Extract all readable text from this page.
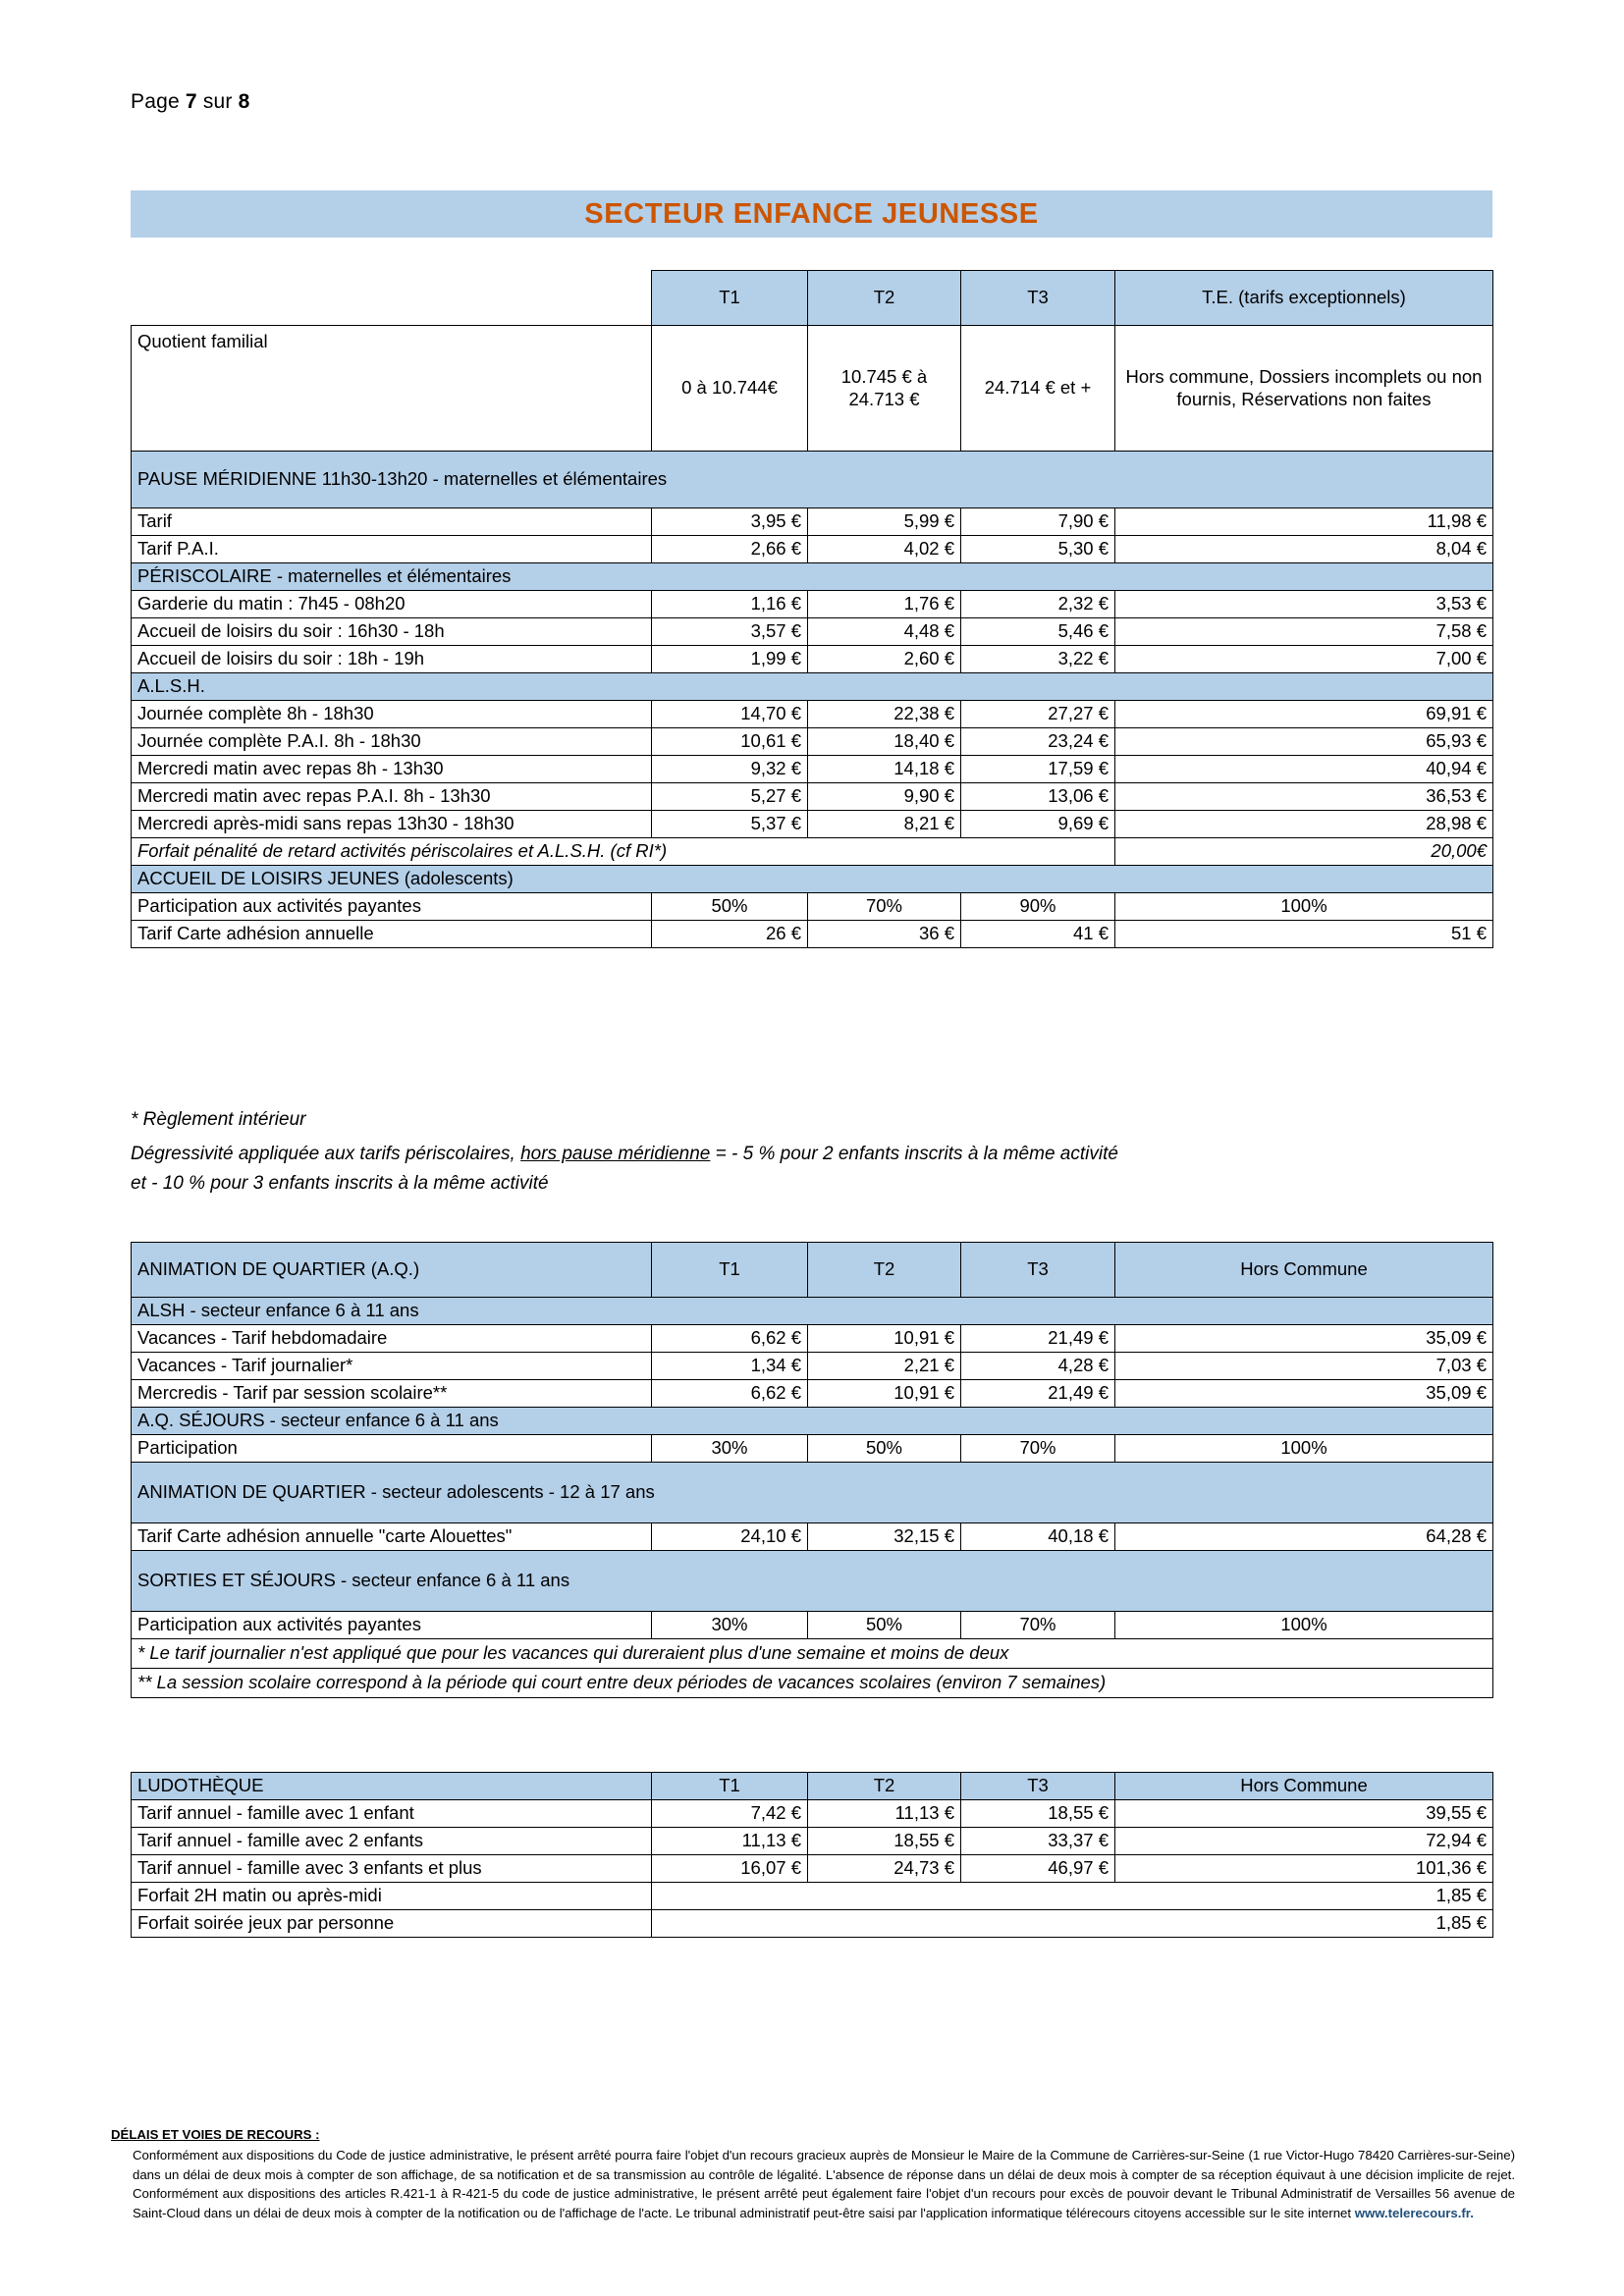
Page 7 sur 8
SECTEUR ENFANCE JEUNESSE
	T1	T2	T3	T.E. (tarifs exceptionnels)
Quotient familial	0 à 10.744€	10.745 € à 24.713 €	24.714 € et +	Hors commune, Dossiers incomplets ou non fournis, Réservations non faites
PAUSE MÉRIDIENNE 11h30-13h20 - maternelles et élémentaires				
Tarif	3,95 €	5,99 €	7,90 €	11,98 €
Tarif P.A.I.	2,66 €	4,02 €	5,30 €	8,04 €
PÉRISCOLAIRE - maternelles et élémentaires				
Garderie du matin : 7h45 - 08h20	1,16 €	1,76 €	2,32 €	3,53 €
Accueil de loisirs du soir : 16h30 - 18h	3,57 €	4,48 €	5,46 €	7,58 €
Accueil de loisirs du soir : 18h - 19h	1,99 €	2,60 €	3,22 €	7,00 €
A.L.S.H.				
Journée complète 8h - 18h30	14,70 €	22,38 €	27,27 €	69,91 €
Journée complète P.A.I. 8h - 18h30	10,61 €	18,40 €	23,24 €	65,93 €
Mercredi matin avec repas 8h - 13h30	9,32 €	14,18 €	17,59 €	40,94 €
Mercredi matin avec repas P.A.I. 8h - 13h30	5,27 €	9,90 €	13,06 €	36,53 €
Mercredi après-midi sans repas 13h30 - 18h30	5,37 €	8,21 €	9,69 €	28,98 €
Forfait pénalité de retard activités périscolaires et A.L.S.H. (cf RI*)				20,00€
ACCUEIL DE LOISIRS JEUNES (adolescents)				
Participation aux activités payantes	50%	70%	90%	100%
Tarif Carte adhésion annuelle	26 €	36 €	41 €	51 €
* Règlement intérieur
Dégressivité appliquée aux tarifs périscolaires, hors pause méridienne = - 5 % pour 2 enfants inscrits à la même activité
et - 10 % pour 3 enfants inscrits à la même activité
ANIMATION DE QUARTIER (A.Q.)	T1	T2	T3	Hors Commune
ALSH - secteur enfance 6 à 11 ans				
Vacances - Tarif hebdomadaire	6,62 €	10,91 €	21,49 €	35,09 €
Vacances - Tarif journalier*	1,34 €	2,21 €	4,28 €	7,03 €
Mercredis - Tarif par session scolaire**	6,62 €	10,91 €	21,49 €	35,09 €
A.Q. SÉJOURS - secteur enfance 6 à 11 ans				
Participation	30%	50%	70%	100%
ANIMATION DE QUARTIER - secteur adolescents - 12 à 17 ans				
Tarif Carte adhésion annuelle "carte Alouettes"	24,10 €	32,15 €	40,18 €	64,28 €
SORTIES ET SÉJOURS - secteur enfance 6 à 11 ans				
Participation aux activités payantes	30%	50%	70%	100%
* Le tarif journalier n'est appliqué que pour les vacances qui dureraient plus d'une semaine et moins de deux				
** La session scolaire correspond à la période qui court entre deux périodes de vacances scolaires (environ 7 semaines)				
LUDOTHÈQUE	T1	T2	T3	Hors Commune
Tarif annuel - famille avec 1 enfant	7,42 €	11,13 €	18,55 €	39,55 €
Tarif annuel - famille avec 2 enfants	11,13 €	18,55 €	33,37 €	72,94 €
Tarif annuel - famille avec 3 enfants et plus	16,07 €	24,73 €	46,97 €	101,36 €
Forfait 2H matin ou après-midi	1,85 €			
Forfait soirée jeux par personne	1,85 €			
DÉLAIS ET VOIES DE RECOURS :
Conformément aux dispositions du Code de justice administrative, le présent arrêté pourra faire l'objet d'un recours gracieux auprès de Monsieur le Maire de la Commune de Carrières-sur-Seine (1 rue Victor-Hugo 78420 Carrières-sur-Seine) dans un délai de deux mois à compter de son affichage, de sa notification et de sa transmission au contrôle de légalité. L'absence de réponse dans un délai de deux mois à compter de sa réception équivaut à une décision implicite de rejet. Conformément aux dispositions des articles R.421-1 à R-421-5 du code de justice administrative, le présent arrêté peut également faire l'objet d'un recours pour excès de pouvoir devant le Tribunal Administratif de Versailles 56 avenue de Saint-Cloud dans un délai de deux mois à compter de la notification ou de l'affichage de l'acte. Le tribunal administratif peut-être saisi par l'application informatique télérecours citoyens accessible sur le site internet www.telerecours.fr.
